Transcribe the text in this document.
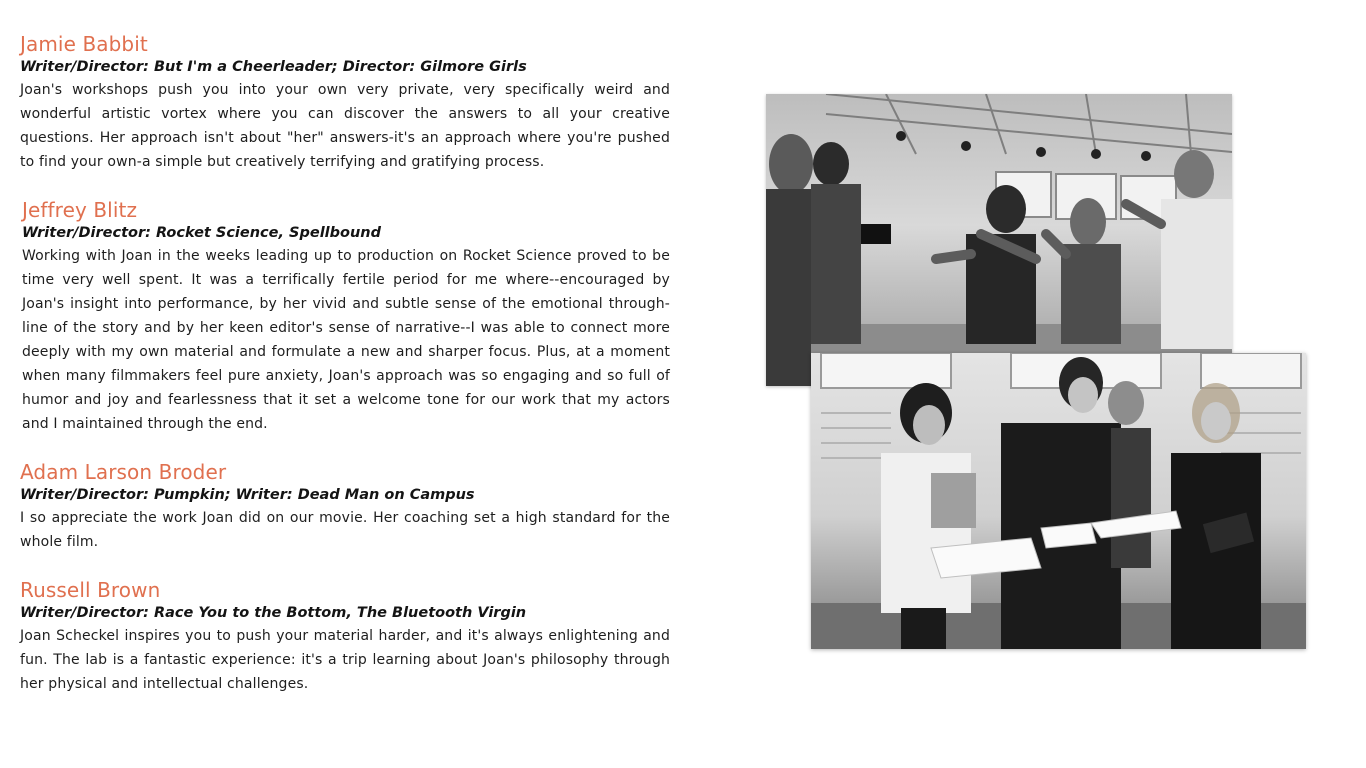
Jamie Babbit
Writer/Director: But I'm a Cheerleader; Director: Gilmore Girls

Joan's workshops push you into your own very private, very specifically weird and wonderful artistic vortex where you can discover the answers to all your creative questions. Her approach isn't about "her" answers-it's an approach where you're pushed to find your own-a simple but creatively terrifying and gratifying process.

Jeffrey Blitz
Writer/Director: Rocket Science, Spellbound

Working with Joan in the weeks leading up to production on Rocket Science proved to be time very well spent. It was a terrifically fertile period for me where--encouraged by Joan's insight into performance, by her vivid and subtle sense of the emotional through-line of the story and by her keen editor's sense of narrative--I was able to connect more deeply with my own material and formulate a new and sharper focus. Plus, at a moment when many filmmakers feel pure anxiety, Joan's approach was so engaging and so full of humor and joy and fearlessness that it set a welcome tone for our work that my actors and I maintained through the end.

Adam Larson Broder
Writer/Director: Pumpkin; Writer: Dead Man on Campus

I so appreciate the work Joan did on our movie. Her coaching set a high standard for the whole film.

Russell Brown
Writer/Director: Race You to the Bottom, The Bluetooth Virgin

Joan Scheckel inspires you to push your material harder, and it's always enlightening and fun. The lab is a fantastic experience: it's a trip learning about Joan's philosophy through her physical and intellectual challenges.
